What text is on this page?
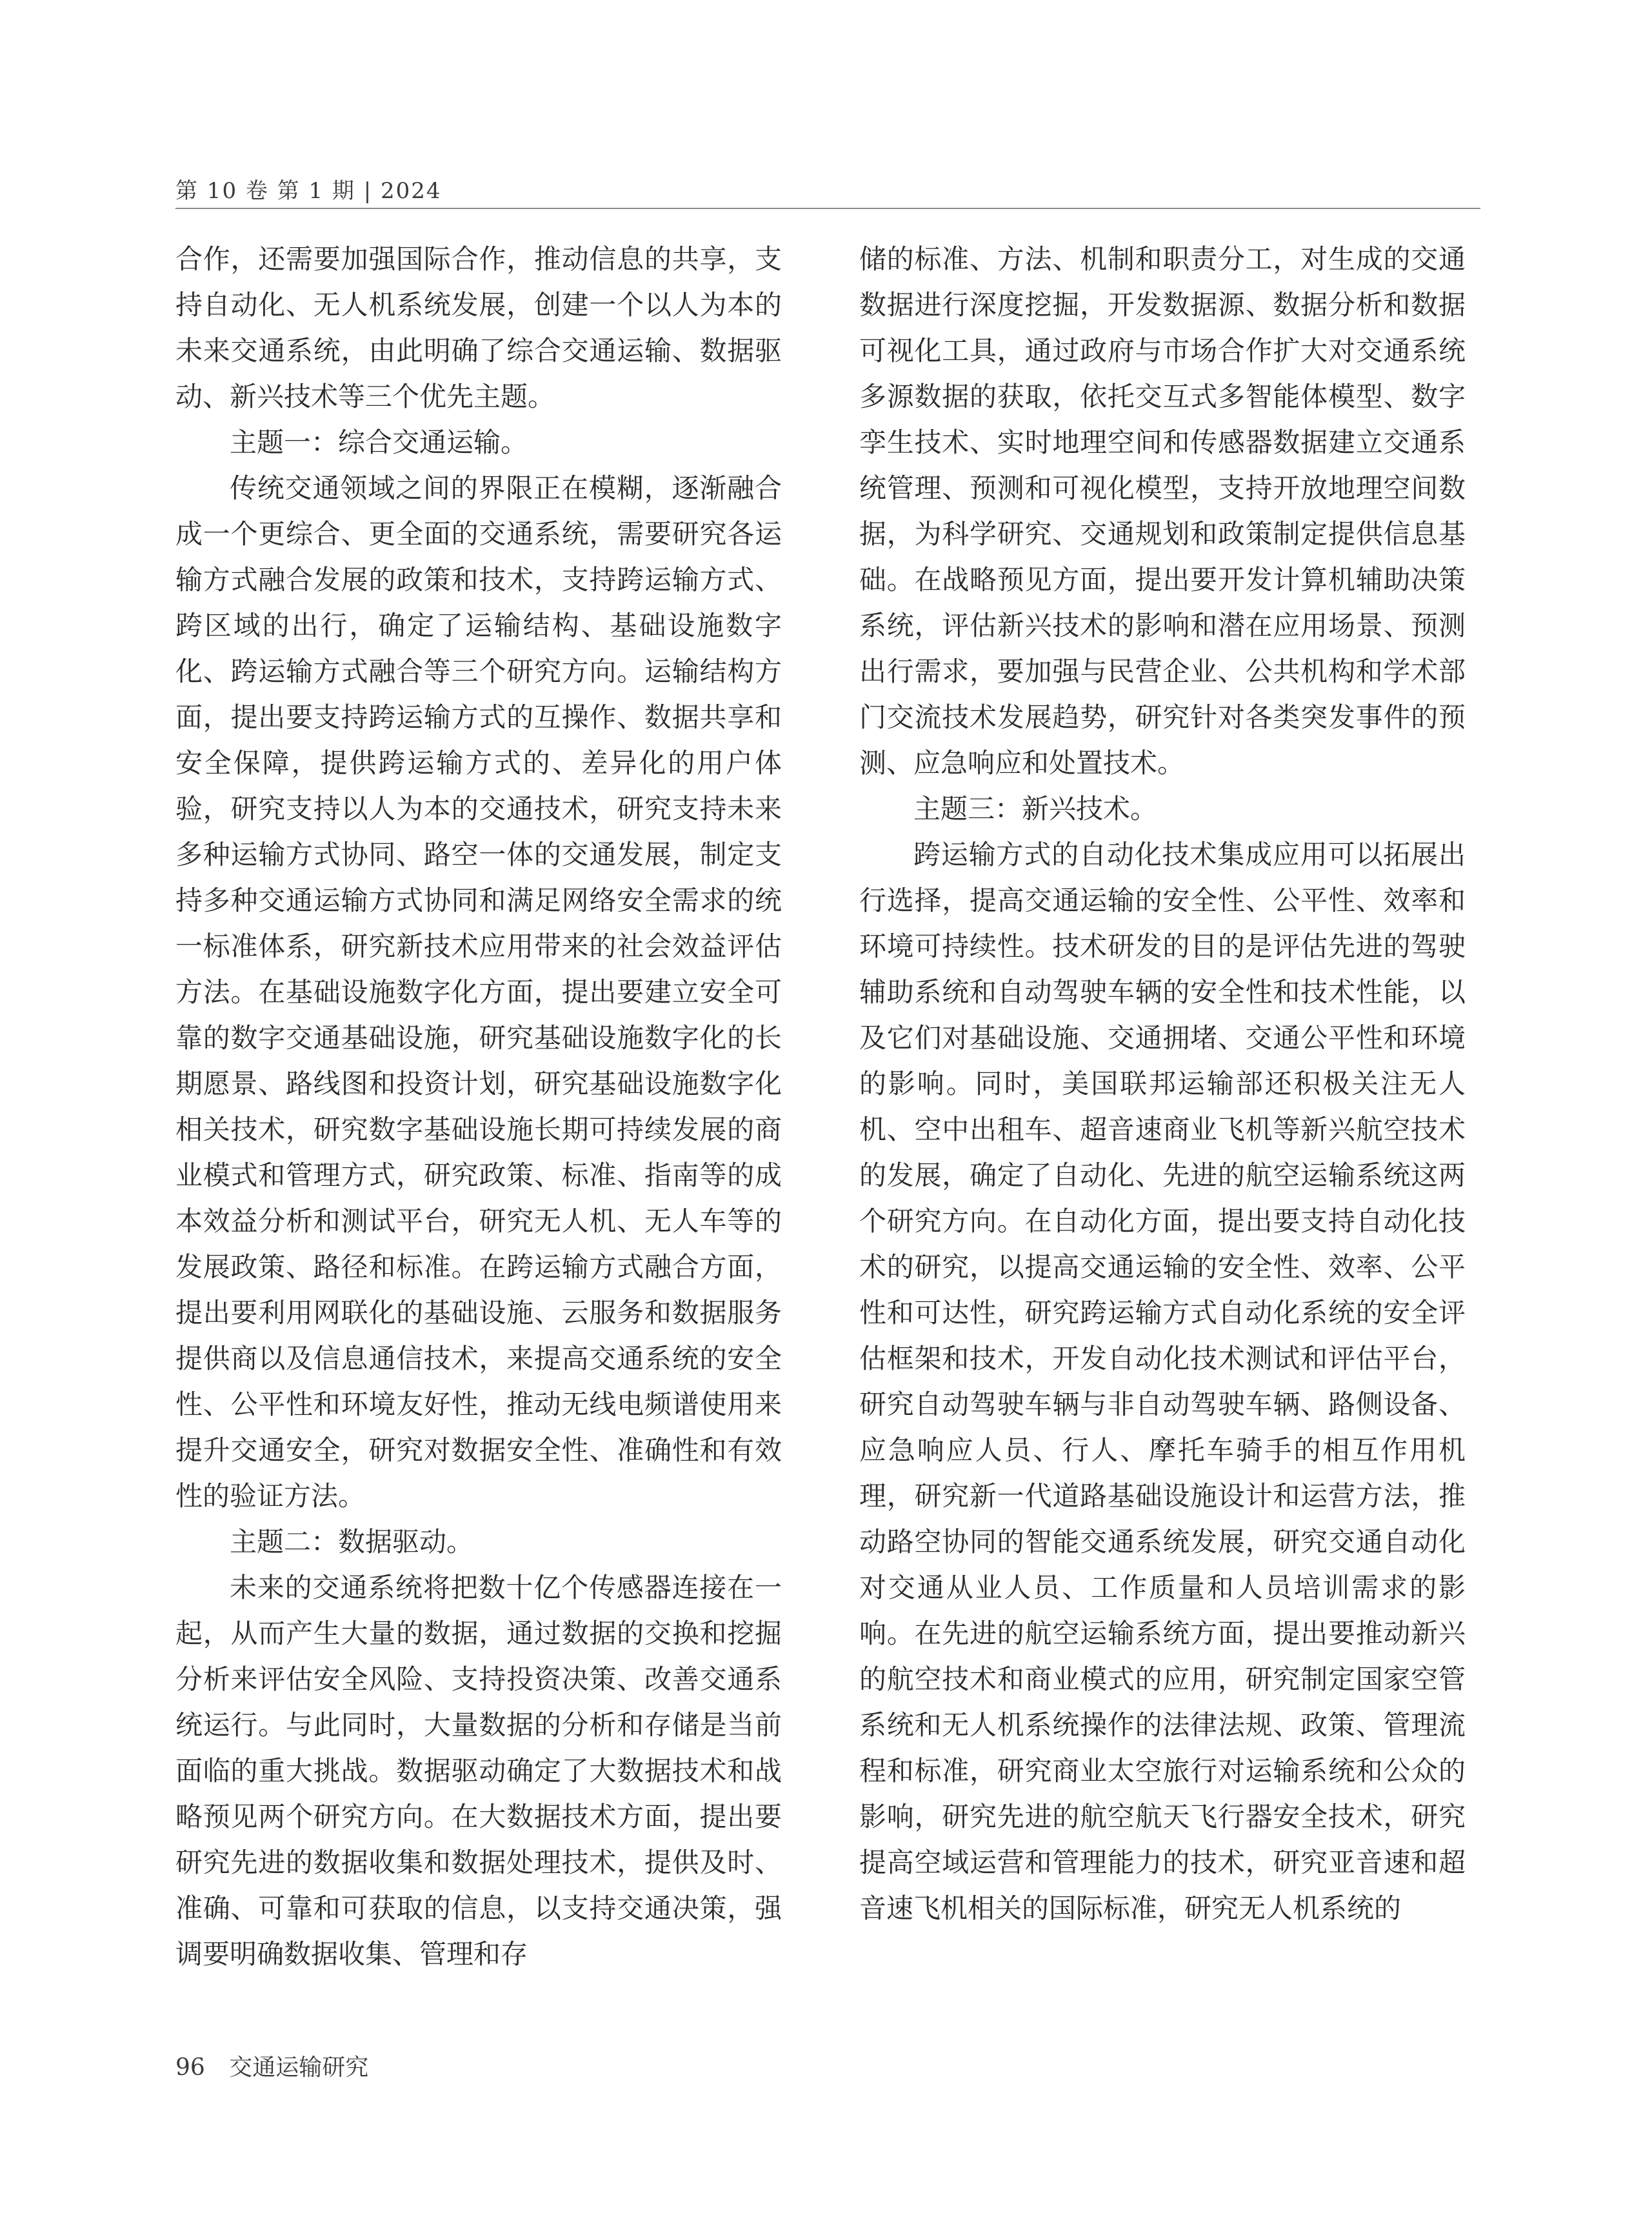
第 10 卷 第 1 期 | 2024

合作，还需要加强国际合作，推动信息的共享，支持自动化、无人机系统发展，创建一个以人为本的未来交通系统，由此明确了综合交通运输、数据驱动、新兴技术等三个优先主题。

主题一：综合交通运输。

传统交通领域之间的界限正在模糊，逐渐融合成一个更综合、更全面的交通系统，需要研究各运输方式融合发展的政策和技术，支持跨运输方式、跨区域的出行，确定了运输结构、基础设施数字化、跨运输方式融合等三个研究方向。运输结构方面，提出要支持跨运输方式的互操作、数据共享和安全保障，提供跨运输方式的、差异化的用户体验，研究支持以人为本的交通技术，研究支持未来多种运输方式协同、路空一体的交通发展，制定支持多种交通运输方式协同和满足网络安全需求的统一标准体系，研究新技术应用带来的社会效益评估方法。在基础设施数字化方面，提出要建立安全可靠的数字交通基础设施，研究基础设施数字化的长期愿景、路线图和投资计划，研究基础设施数字化相关技术，研究数字基础设施长期可持续发展的商业模式和管理方式，研究政策、标准、指南等的成本效益分析和测试平台，研究无人机、无人车等的发展政策、路径和标准。在跨运输方式融合方面，提出要利用网联化的基础设施、云服务和数据服务提供商以及信息通信技术，来提高交通系统的安全性、公平性和环境友好性，推动无线电频谱使用来提升交通安全，研究对数据安全性、准确性和有效性的验证方法。

主题二：数据驱动。

未来的交通系统将把数十亿个传感器连接在一起，从而产生大量的数据，通过数据的交换和挖掘分析来评估安全风险、支持投资决策、改善交通系统运行。与此同时，大量数据的分析和存储是当前面临的重大挑战。数据驱动确定了大数据技术和战略预见两个研究方向。在大数据技术方面，提出要研究先进的数据收集和数据处理技术，提供及时、准确、可靠和可获取的信息，以支持交通决策，强调要明确数据收集、管理和存

储的标准、方法、机制和职责分工，对生成的交通数据进行深度挖掘，开发数据源、数据分析和数据可视化工具，通过政府与市场合作扩大对交通系统多源数据的获取，依托交互式多智能体模型、数字孪生技术、实时地理空间和传感器数据建立交通系统管理、预测和可视化模型，支持开放地理空间数据，为科学研究、交通规划和政策制定提供信息基础。在战略预见方面，提出要开发计算机辅助决策系统，评估新兴技术的影响和潜在应用场景、预测出行需求，要加强与民营企业、公共机构和学术部门交流技术发展趋势，研究针对各类突发事件的预测、应急响应和处置技术。

主题三：新兴技术。

跨运输方式的自动化技术集成应用可以拓展出行选择，提高交通运输的安全性、公平性、效率和环境可持续性。技术研发的目的是评估先进的驾驶辅助系统和自动驾驶车辆的安全性和技术性能，以及它们对基础设施、交通拥堵、交通公平性和环境的影响。同时，美国联邦运输部还积极关注无人机、空中出租车、超音速商业飞机等新兴航空技术的发展，确定了自动化、先进的航空运输系统这两个研究方向。在自动化方面，提出要支持自动化技术的研究，以提高交通运输的安全性、效率、公平性和可达性，研究跨运输方式自动化系统的安全评估框架和技术，开发自动化技术测试和评估平台，研究自动驾驶车辆与非自动驾驶车辆、路侧设备、应急响应人员、行人、摩托车骑手的相互作用机理，研究新一代道路基础设施设计和运营方法，推动路空协同的智能交通系统发展，研究交通自动化对交通从业人员、工作质量和人员培训需求的影响。在先进的航空运输系统方面，提出要推动新兴的航空技术和商业模式的应用，研究制定国家空管系统和无人机系统操作的法律法规、政策、管理流程和标准，研究商业太空旅行对运输系统和公众的影响，研究先进的航空航天飞行器安全技术，研究提高空域运营和管理能力的技术，研究亚音速和超音速飞机相关的国际标准，研究无人机系统的

96 交通运输研究
